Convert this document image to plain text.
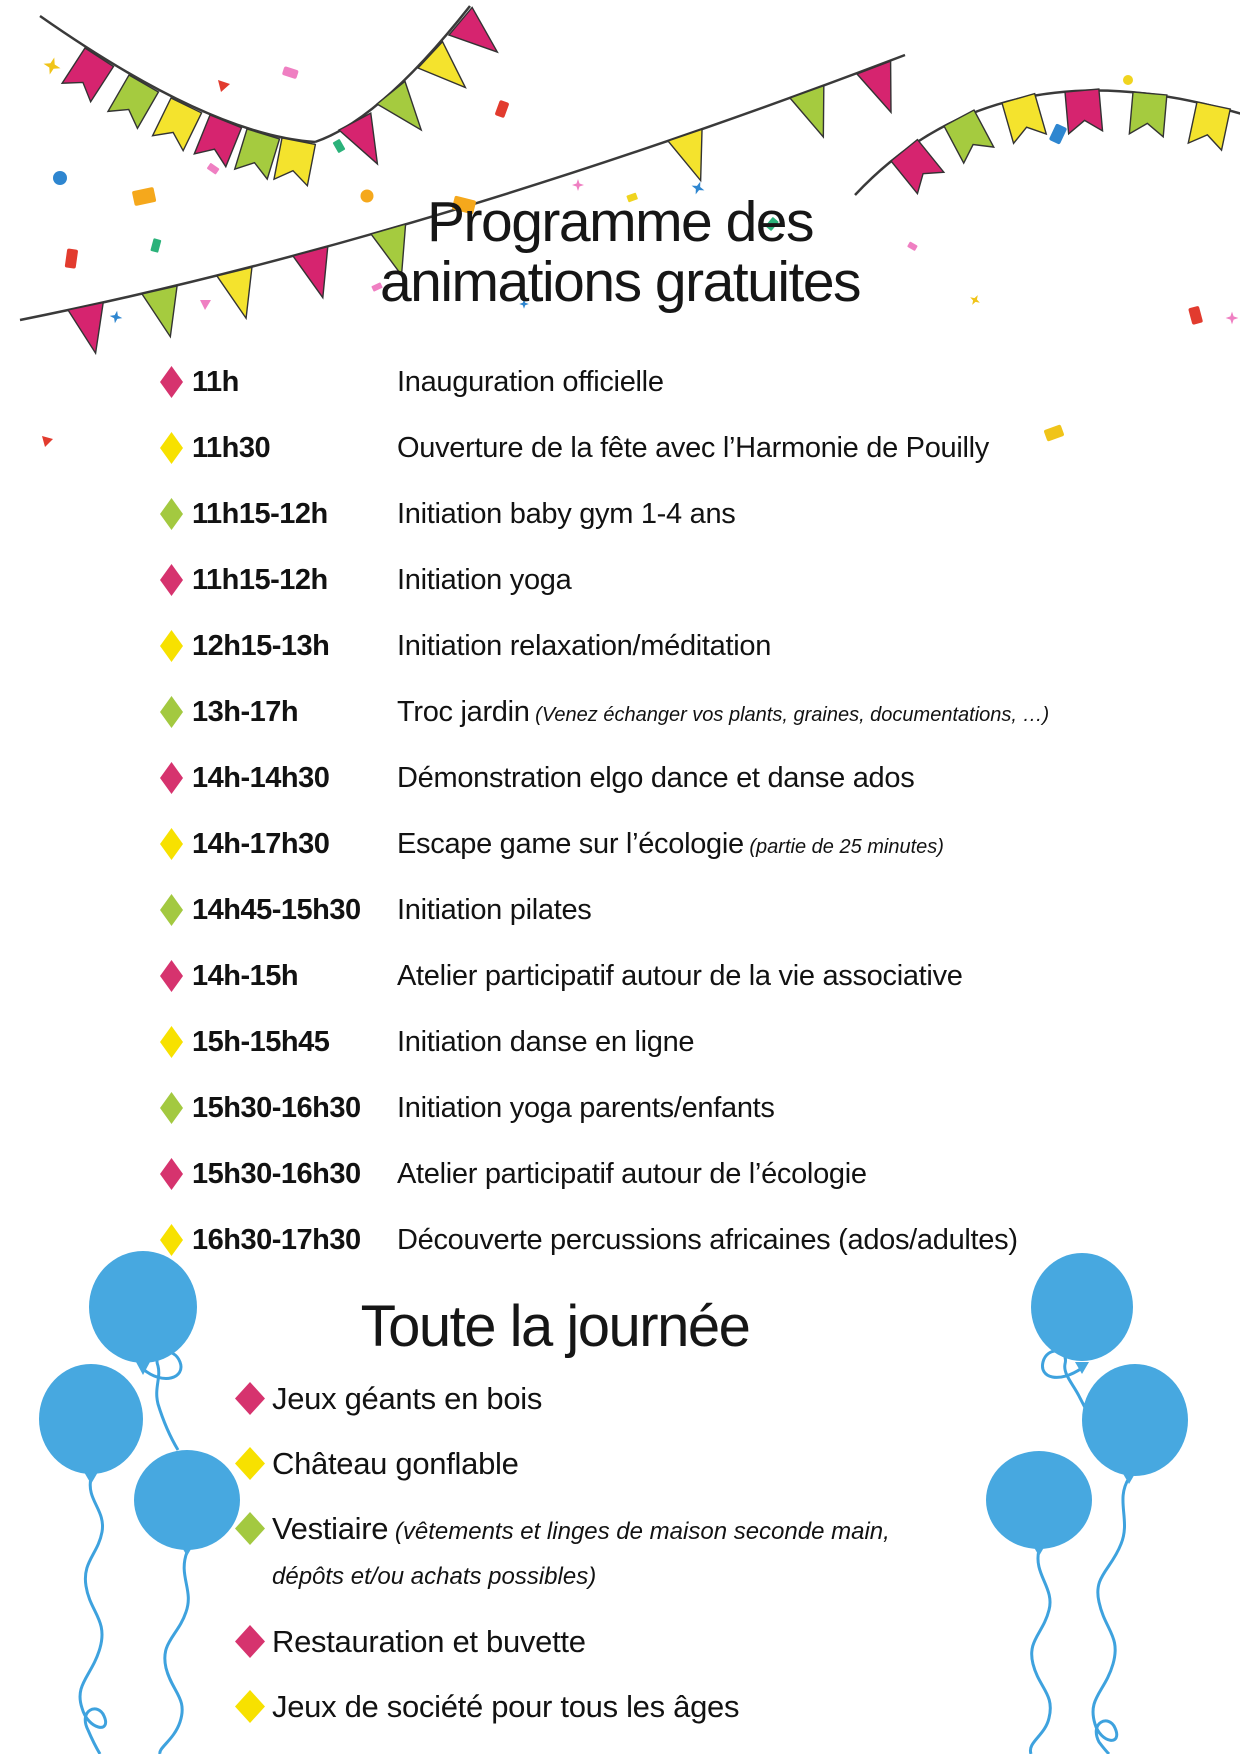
Programme des
animations gratuites
11h	Inauguration officielle
11h30	Ouverture de la fête avec l’Harmonie de Pouilly
11h15-12h	Initiation baby gym 1-4 ans
11h15-12h	Initiation yoga
12h15-13h	Initiation relaxation/méditation
13h-17h	Troc jardin (Venez échanger vos plants, graines, documentations, …)
14h-14h30	Démonstration elgo dance et danse ados
14h-17h30	Escape game sur l’écologie (partie de 25 minutes)
14h45-15h30	Initiation pilates
14h-15h	Atelier participatif autour de la vie associative
15h-15h45	Initiation danse en ligne
15h30-16h30	Initiation yoga parents/enfants
15h30-16h30	Atelier participatif autour de l’écologie
16h30-17h30	Découverte percussions africaines (ados/adultes)
Toute la journée
Jeux géants en bois
Château gonflable
Vestiaire (vêtements et linges de maison seconde main, dépôts et/ou achats possibles)
Restauration et buvette
Jeux de société pour tous les âges
